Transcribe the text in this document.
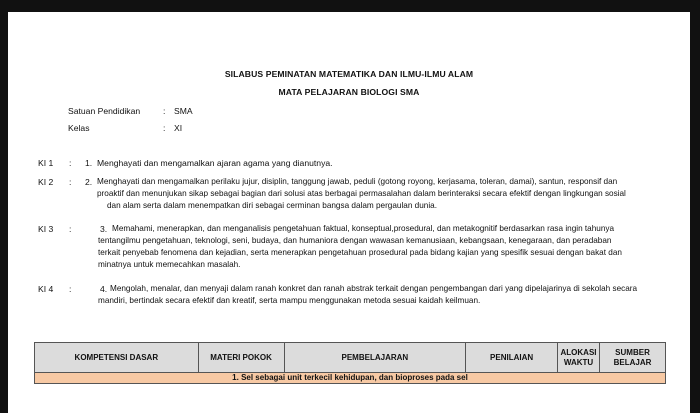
SILABUS PEMINATAN MATEMATIKA DAN ILMU-ILMU ALAM
MATA PELAJARAN BIOLOGI SMA
Satuan Pendidikan	: SMA
Kelas	: XI
KI 1	: 1. Menghayati dan mengamalkan ajaran agama yang dianutnya.
KI 2	: 2. Menghayati dan mengamalkan perilaku jujur, disiplin, tanggung jawab, peduli (gotong royong, kerjasama, toleran, damai), santun, responsif dan
proaktif dan menunjukan sikap sebagai bagian dari solusi atas berbagai permasalahan dalam berinteraksi secara efektif dengan lingkungan sosial
dan alam serta dalam menempatkan diri sebagai cerminan bangsa dalam pergaulan dunia.
KI 3	:	3. Memahami, menerapkan, dan menganalisis pengetahuan faktual, konseptual,prosedural, dan metakognitif berdasarkan rasa ingin tahunya
tentangilmu pengetahuan, teknologi, seni, budaya, dan humaniora dengan wawasan kemanusiaan, kebangsaan, kenegaraan, dan peradaban
terkait penyebab fenomena dan kejadian, serta menerapkan pengetahuan prosedural pada bidang kajian yang spesifik sesuai dengan bakat dan
minatnya untuk memecahkan masalah.
KI 4	:	4. Mengolah, menalar, dan menyaji dalam ranah konkret dan ranah abstrak terkait dengan pengembangan dari yang dipelajarinya di sekolah secara
mandiri, bertindak secara efektif dan kreatif, serta mampu menggunakan metoda sesuai kaidah keilmuan.
KOMPETENSI DASAR	MATERI POKOK	PEMBELAJARAN	PENILAIAN	ALOKASI WAKTU	SUMBER BELAJAR
1. Sel sebagai unit terkecil kehidupan, dan bioproses pada sel
